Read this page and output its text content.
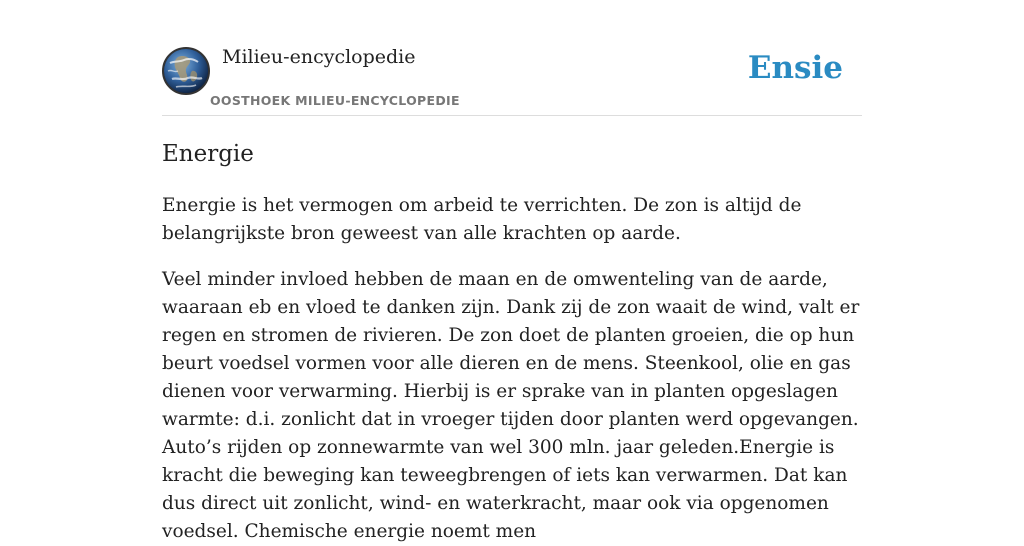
Milieu-encyclopedie
OOSTHOEK MILIEU-ENCYCLOPEDIE
Ensie
Energie

Energie is het vermogen om arbeid te verrichten. De zon is altijd de belangrijkste bron geweest van alle krachten op aarde.

Veel minder invloed hebben de maan en de omwenteling van de aarde, waaraan eb en vloed te danken zijn. Dank zij de zon waait de wind, valt er regen en stromen de rivieren. De zon doet de planten groeien, die op hun beurt voedsel vormen voor alle dieren en de mens. Steenkool, olie en gas dienen voor verwarming. Hierbij is er sprake van in planten opgeslagen warmte: d.i. zonlicht dat in vroeger tijden door planten werd opgevangen. Auto’s rijden op zonnewarmte van wel 300 mln. jaar geleden.Energie is kracht die beweging kan teweegbrengen of iets kan verwarmen. Dat kan dus direct uit zonlicht, wind- en waterkracht, maar ook via opgenomen voedsel. Chemische energie noemt men
